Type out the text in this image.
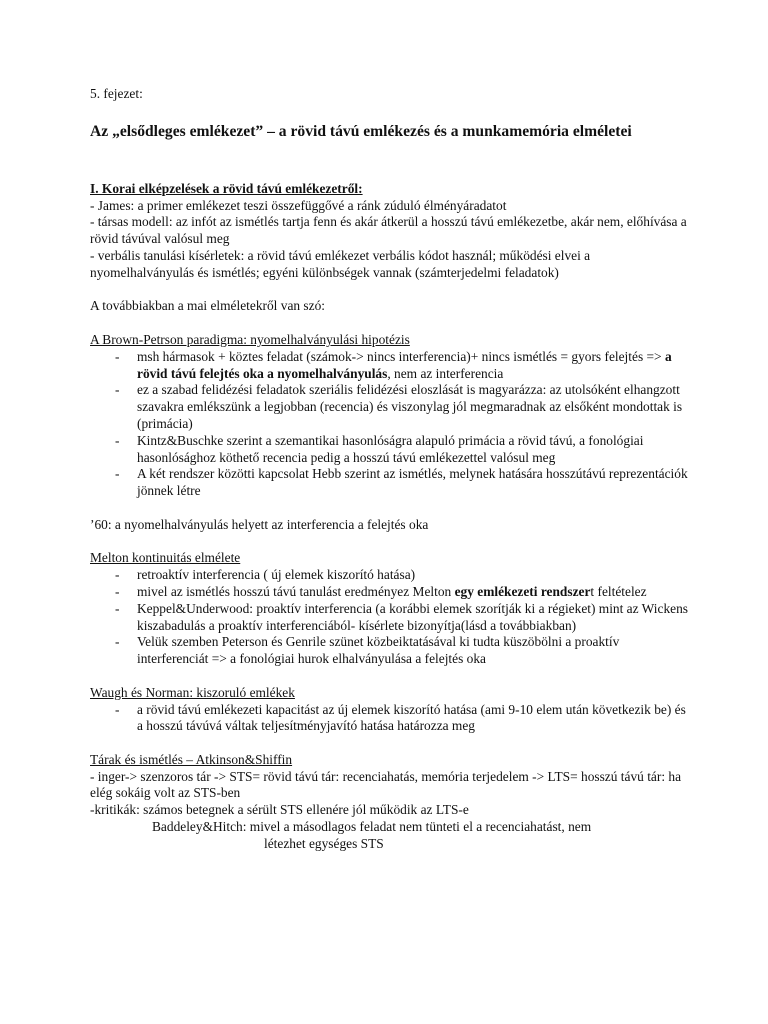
5. fejezet:

Az „elsődleges emlékezet” – a rövid távú emlékezés és a munkamemória elméletei

I. Korai elképzelések a rövid távú emlékezetről:

- James: a primer emlékezet teszi összefüggővé a ránk zúduló élményáradatot

- társas modell: az infót az ismétlés tartja fenn és akár átkerül a hosszú távú emlékezetbe, akár nem, előhívása a rövid távúval valósul meg

- verbális tanulási kísérletek: a rövid távú emlékezet verbális kódot használ; működési elvei a nyomelhalványulás és ismétlés; egyéni különbségek vannak (számterjedelmi feladatok)

A továbbiakban a mai elméletekről van szó:

A Brown-Petrson paradigma: nyomelhalványulási hipotézis

- msh hármasok + köztes feladat (számok-> nincs interferencia)+ nincs ismétlés = gyors felejtés => a rövid távú felejtés oka a nyomelhalványulás, nem az interferencia
- ez a szabad felidézési feladatok szeriális felidézési eloszlását is magyarázza: az utolsóként elhangzott szavakra emlékszünk a legjobban (recencia) és viszonylag jól megmaradnak az elsőként mondottak is (primácia)
- Kintz&Buschke szerint a szemantikai hasonlóságra alapuló primácia a rövid távú, a fonológiai hasonlósághoz köthető recencia pedig a hosszú távú emlékezettel valósul meg
- A két rendszer közötti kapcsolat Hebb szerint az ismétlés, melynek hatására hosszútávú reprezentációk jönnek létre

’60: a nyomelhalványulás helyett az interferencia a felejtés oka

Melton kontinuitás elmélete

- retroaktív interferencia ( új elemek kiszorító hatása)
- mivel az ismétlés hosszú távú tanulást eredményez Melton egy emlékezeti rendszert feltételez
- Keppel&Underwood: proaktív interferencia (a korábbi elemek szorítják ki a régieket) mint az Wickens kiszabadulás a proaktív interferenciából- kísérlete bizonyítja(lásd a továbbiakban)
- Velük szemben Peterson és Genrile szünet közbeiktatásával ki tudta küszöbölni a proaktív interferenciát => a fonológiai hurok elhalványulása a felejtés oka

Waugh és Norman: kiszoruló emlékek

- a rövid távú emlékezeti kapacitást az új elemek kiszorító hatása (ami 9-10 elem után következik be) és a hosszú távúvá váltak teljesítményjavító hatása határozza meg

Tárak és ismétlés – Atkinson&Shiffin

- inger-> szenzoros tár -> STS= rövid távú tár: recenciahatás, memória terjedelem -> LTS= hosszú távú tár: ha elég sokáig volt az STS-ben

-kritikák: számos betegnek a sérült STS ellenére jól működik az LTS-e

Baddeley&Hitch: mivel a másodlagos feladat nem tünteti el a recenciahatást, nem

létezhet egységes STS
